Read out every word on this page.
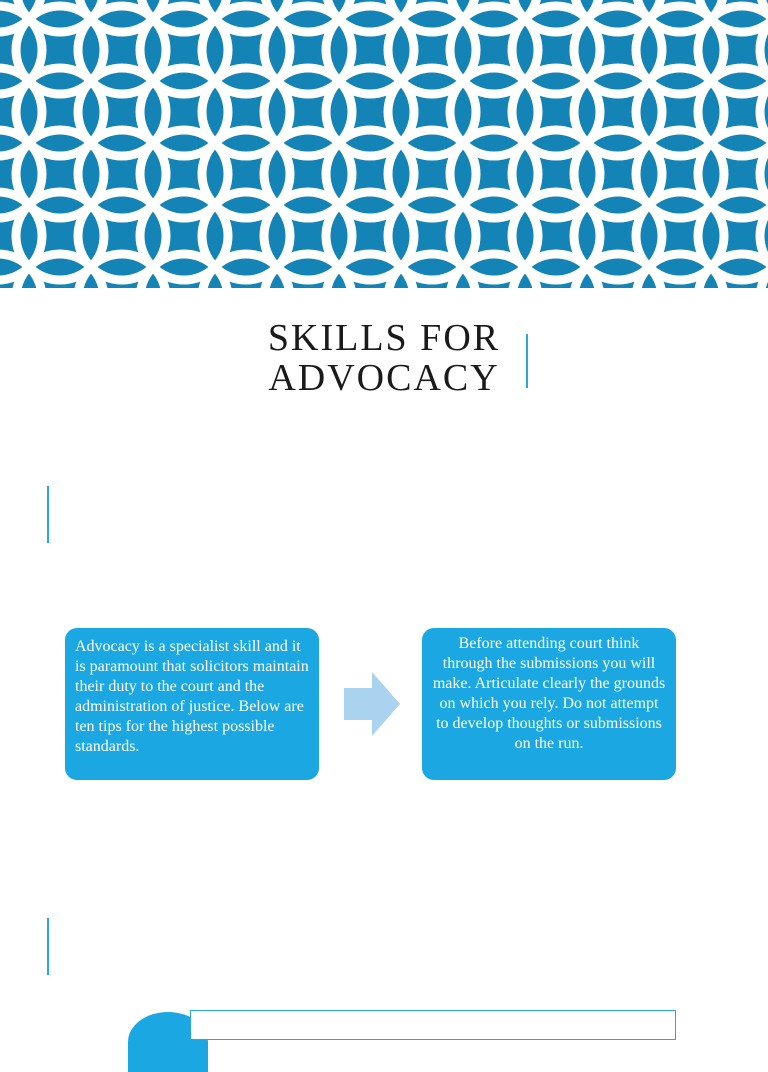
SKILLS FOR
ADVOCACY
Advocacy is a specialist skill and it is paramount that solicitors maintain their duty to the court and the administration of justice. Below are ten tips for the highest possible standards.
Before attending court think through the submissions you will make. Articulate clearly the grounds on which you rely. Do not attempt to develop thoughts or submissions on the run.
